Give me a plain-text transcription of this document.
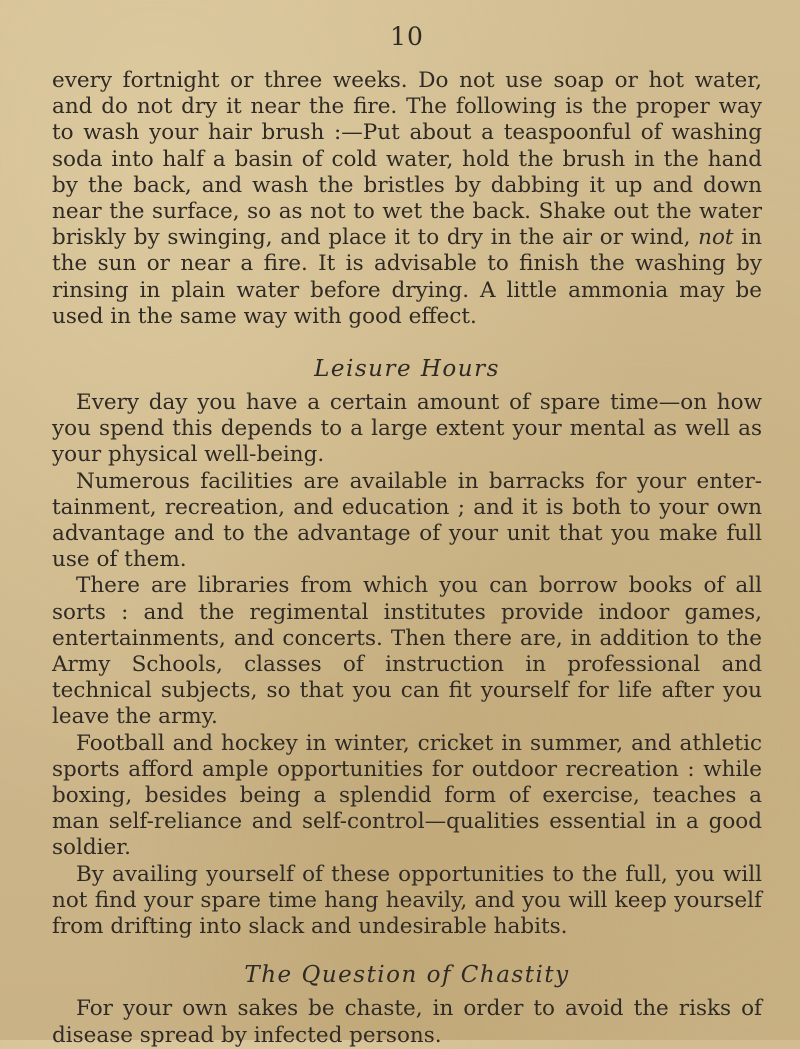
10

every fortnight or three weeks. Do not use soap or hot water, and do not dry it near the fire. The following is the proper way to wash your hair brush :—Put about a teaspoonful of washing soda into half a basin of cold water, hold the brush in the hand by the back, and wash the bristles by dabbing it up and down near the surface, so as not to wet the back. Shake out the water briskly by swinging, and place it to dry in the air or wind, not in the sun or near a fire. It is advisable to finish the washing by rinsing in plain water before drying. A little ammonia may be used in the same way with good effect.

Leisure Hours

Every day you have a certain amount of spare time—on how you spend this depends to a large extent your mental as well as your physical well-being.

Numerous facilities are available in barracks for your enter- tainment, recreation, and education ; and it is both to your own advantage and to the advantage of your unit that you make full use of them.

There are libraries from which you can borrow books of all sorts : and the regimental institutes provide indoor games, entertainments, and concerts. Then there are, in addition to the Army Schools, classes of instruction in professional and technical subjects, so that you can fit yourself for life after you leave the army.

Football and hockey in winter, cricket in summer, and athletic sports afford ample opportunities for outdoor recreation : while boxing, besides being a splendid form of exercise, teaches a man self-reliance and self-control—qualities essential in a good soldier.

By availing yourself of these opportunities to the full, you will not find your spare time hang heavily, and you will keep yourself from drifting into slack and undesirable habits.

The Question of Chastity

For your own sakes be chaste, in order to avoid the risks of disease spread by infected persons.
